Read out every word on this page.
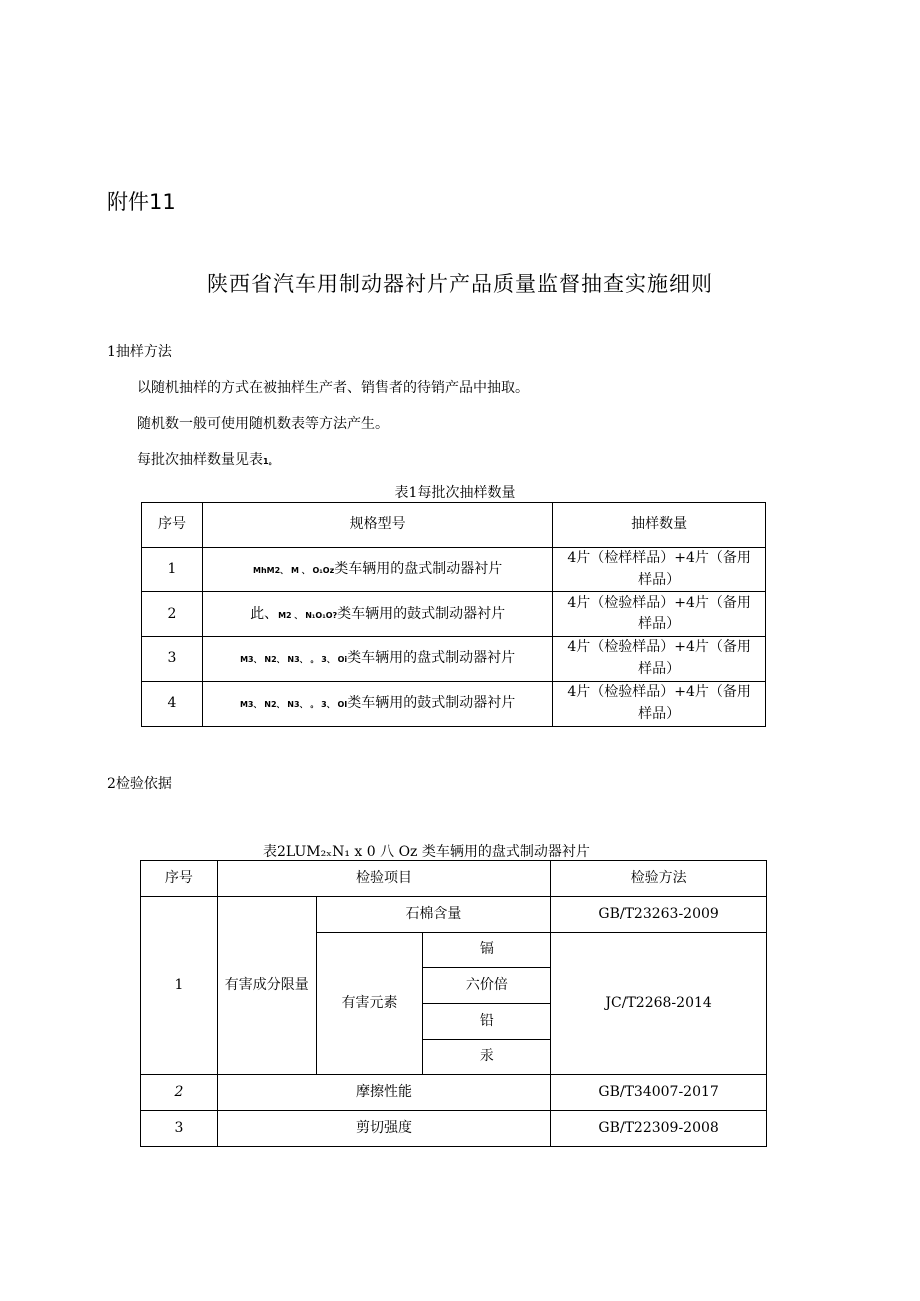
附件11
陕西省汽车用制动器衬片产品质量监督抽查实施细则
1抽样方法
以随机抽样的方式在被抽样生产者、销售者的待销产品中抽取。
随机数一般可使用随机数表等方法产生。
每批次抽样数量见表1。
表1每批次抽样数量
序号	规格型号	抽样数量
1	MhM2、 M 、 O₁Oz类车辆用的盘式制动器衬片	4片（检样样品）+4片（备用
样品）

2	此、M2 、 N₁O₁O?类车辆用的鼓式制动器衬片	4片（检验样品）+4片（备用
样品）

3	M3、 N2、 N3、 。 3、 Oi类车辆用的盘式制动器衬片	4片（检验样品）+4片（备用
样品）

4	M3、 N2、 N3、 。 3、 OI类车辆用的鼓式制动器衬片	4片（检验样品）+4片（备用
样品）
2检验依据
表2LUM₂ₓN₁ x 0 八 Oz 类车辆用的盘式制动器衬片
序号	检验项目			检验方法
1	有害成分限量	石棉含量		GB/T23263-2009
		有害元素	镉	JC/T2268-2014
			六价倍	
			铅	
			汞	

2	摩擦性能			GB/T34007-2017
3	剪切强度			GB/T22309-2008
